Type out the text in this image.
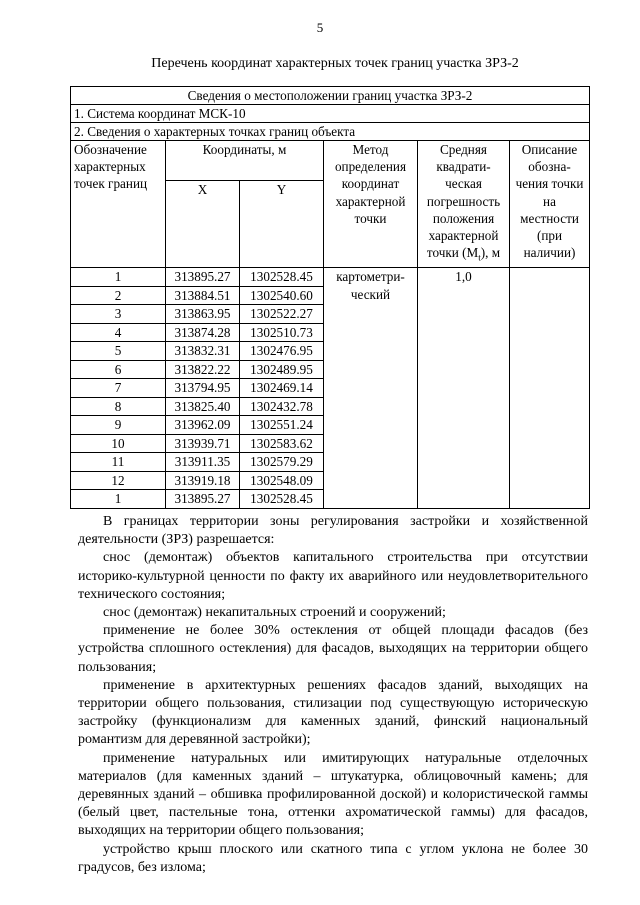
5
Перечень координат характерных точек границ участка ЗРЗ-2
Сведения о местоположении границ участка ЗРЗ-2					
1. Система координат МСК-10					
2. Сведения о характерных точках границ объекта					
Обозначение характерных точек границ	Координаты, м		Метод определения координат характерной точки	Средняя квадрати-ческая погрешность положения характерной точки $(M_t)$, м	Описание обозна-чения точки на местности (при наличии)
	X	Y			
1	313895.27	1302528.45	картометри-ческий	1,0	
2	313884.51	1302540.60			
3	313863.95	1302522.27			
4	313874.28	1302510.73			
5	313832.31	1302476.95			
6	313822.22	1302489.95			
7	313794.95	1302469.14			
8	313825.40	1302432.78			
9	313962.09	1302551.24			
10	313939.71	1302583.62			
11	313911.35	1302579.29			
12	313919.18	1302548.09			
1	313895.27	1302528.45			

В границах территории зоны регулирования застройки и хозяйственной деятельности (ЗРЗ) разрешается:

снос (демонтаж) объектов капитального строительства при отсутствии историко-культурной ценности по факту их аварийного или неудовлетворительного технического состояния;

снос (демонтаж) некапитальных строений и сооружений;

применение не более 30% остекления от общей площади фасадов (без устройства сплошного остекления) для фасадов, выходящих на территории общего пользования;

применение в архитектурных решениях фасадов зданий, выходящих на территории общего пользования, стилизации под существующую историческую застройку (функционализм для каменных зданий, финский национальный романтизм для деревянной застройки);

применение натуральных или имитирующих натуральные отделочных материалов (для каменных зданий – штукатурка, облицовочный камень; для деревянных зданий – обшивка профилированной доской) и колористической гаммы (белый цвет, пастельные тона, оттенки ахроматической гаммы) для фасадов, выходящих на территории общего пользования;

устройство крыш плоского или скатного типа с углом уклона не более 30 градусов, без излома;
